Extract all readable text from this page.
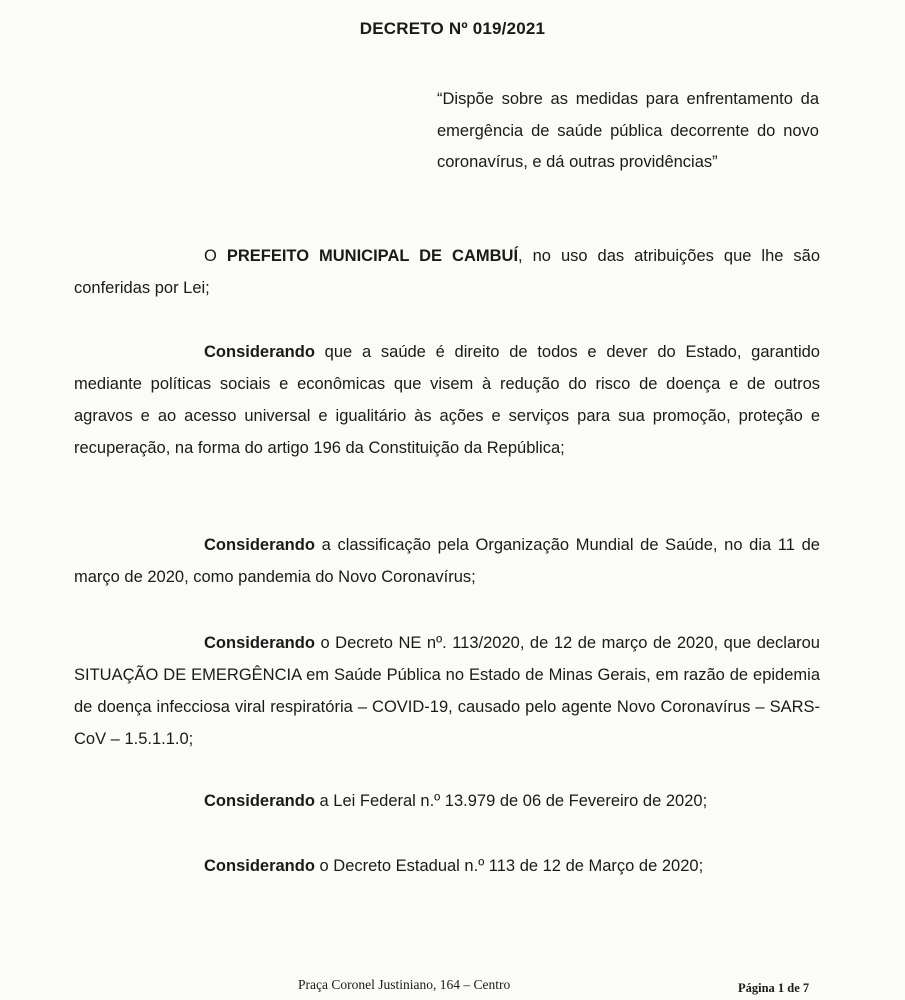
DECRETO Nº 019/2021
“Dispõe sobre as medidas para enfrentamento da emergência de saúde pública decorrente do novo coronavírus, e dá outras providências”

O PREFEITO MUNICIPAL DE CAMBUÍ, no uso das atribuições que lhe são conferidas por Lei;

Considerando que a saúde é direito de todos e dever do Estado, garantido mediante políticas sociais e econômicas que visem à redução do risco de doença e de outros agravos e ao acesso universal e igualitário às ações e serviços para sua promoção, proteção e recuperação, na forma do artigo 196 da Constituição da República;

Considerando a classificação pela Organização Mundial de Saúde, no dia 11 de março de 2020, como pandemia do Novo Coronavírus;

Considerando o Decreto NE nº. 113/2020, de 12 de março de 2020, que declarou SITUAÇÃO DE EMERGÊNCIA em Saúde Pública no Estado de Minas Gerais, em razão de epidemia de doença infecciosa viral respiratória – COVID-19, causado pelo agente Novo Coronavírus – SARS-CoV – 1.5.1.1.0;

Considerando a Lei Federal n.º 13.979 de 06 de Fevereiro de 2020;

Considerando o Decreto Estadual n.º 113 de 12 de Março de 2020;

Praça Coronel Justiniano, 164 – Centro	Página 1 de 7
